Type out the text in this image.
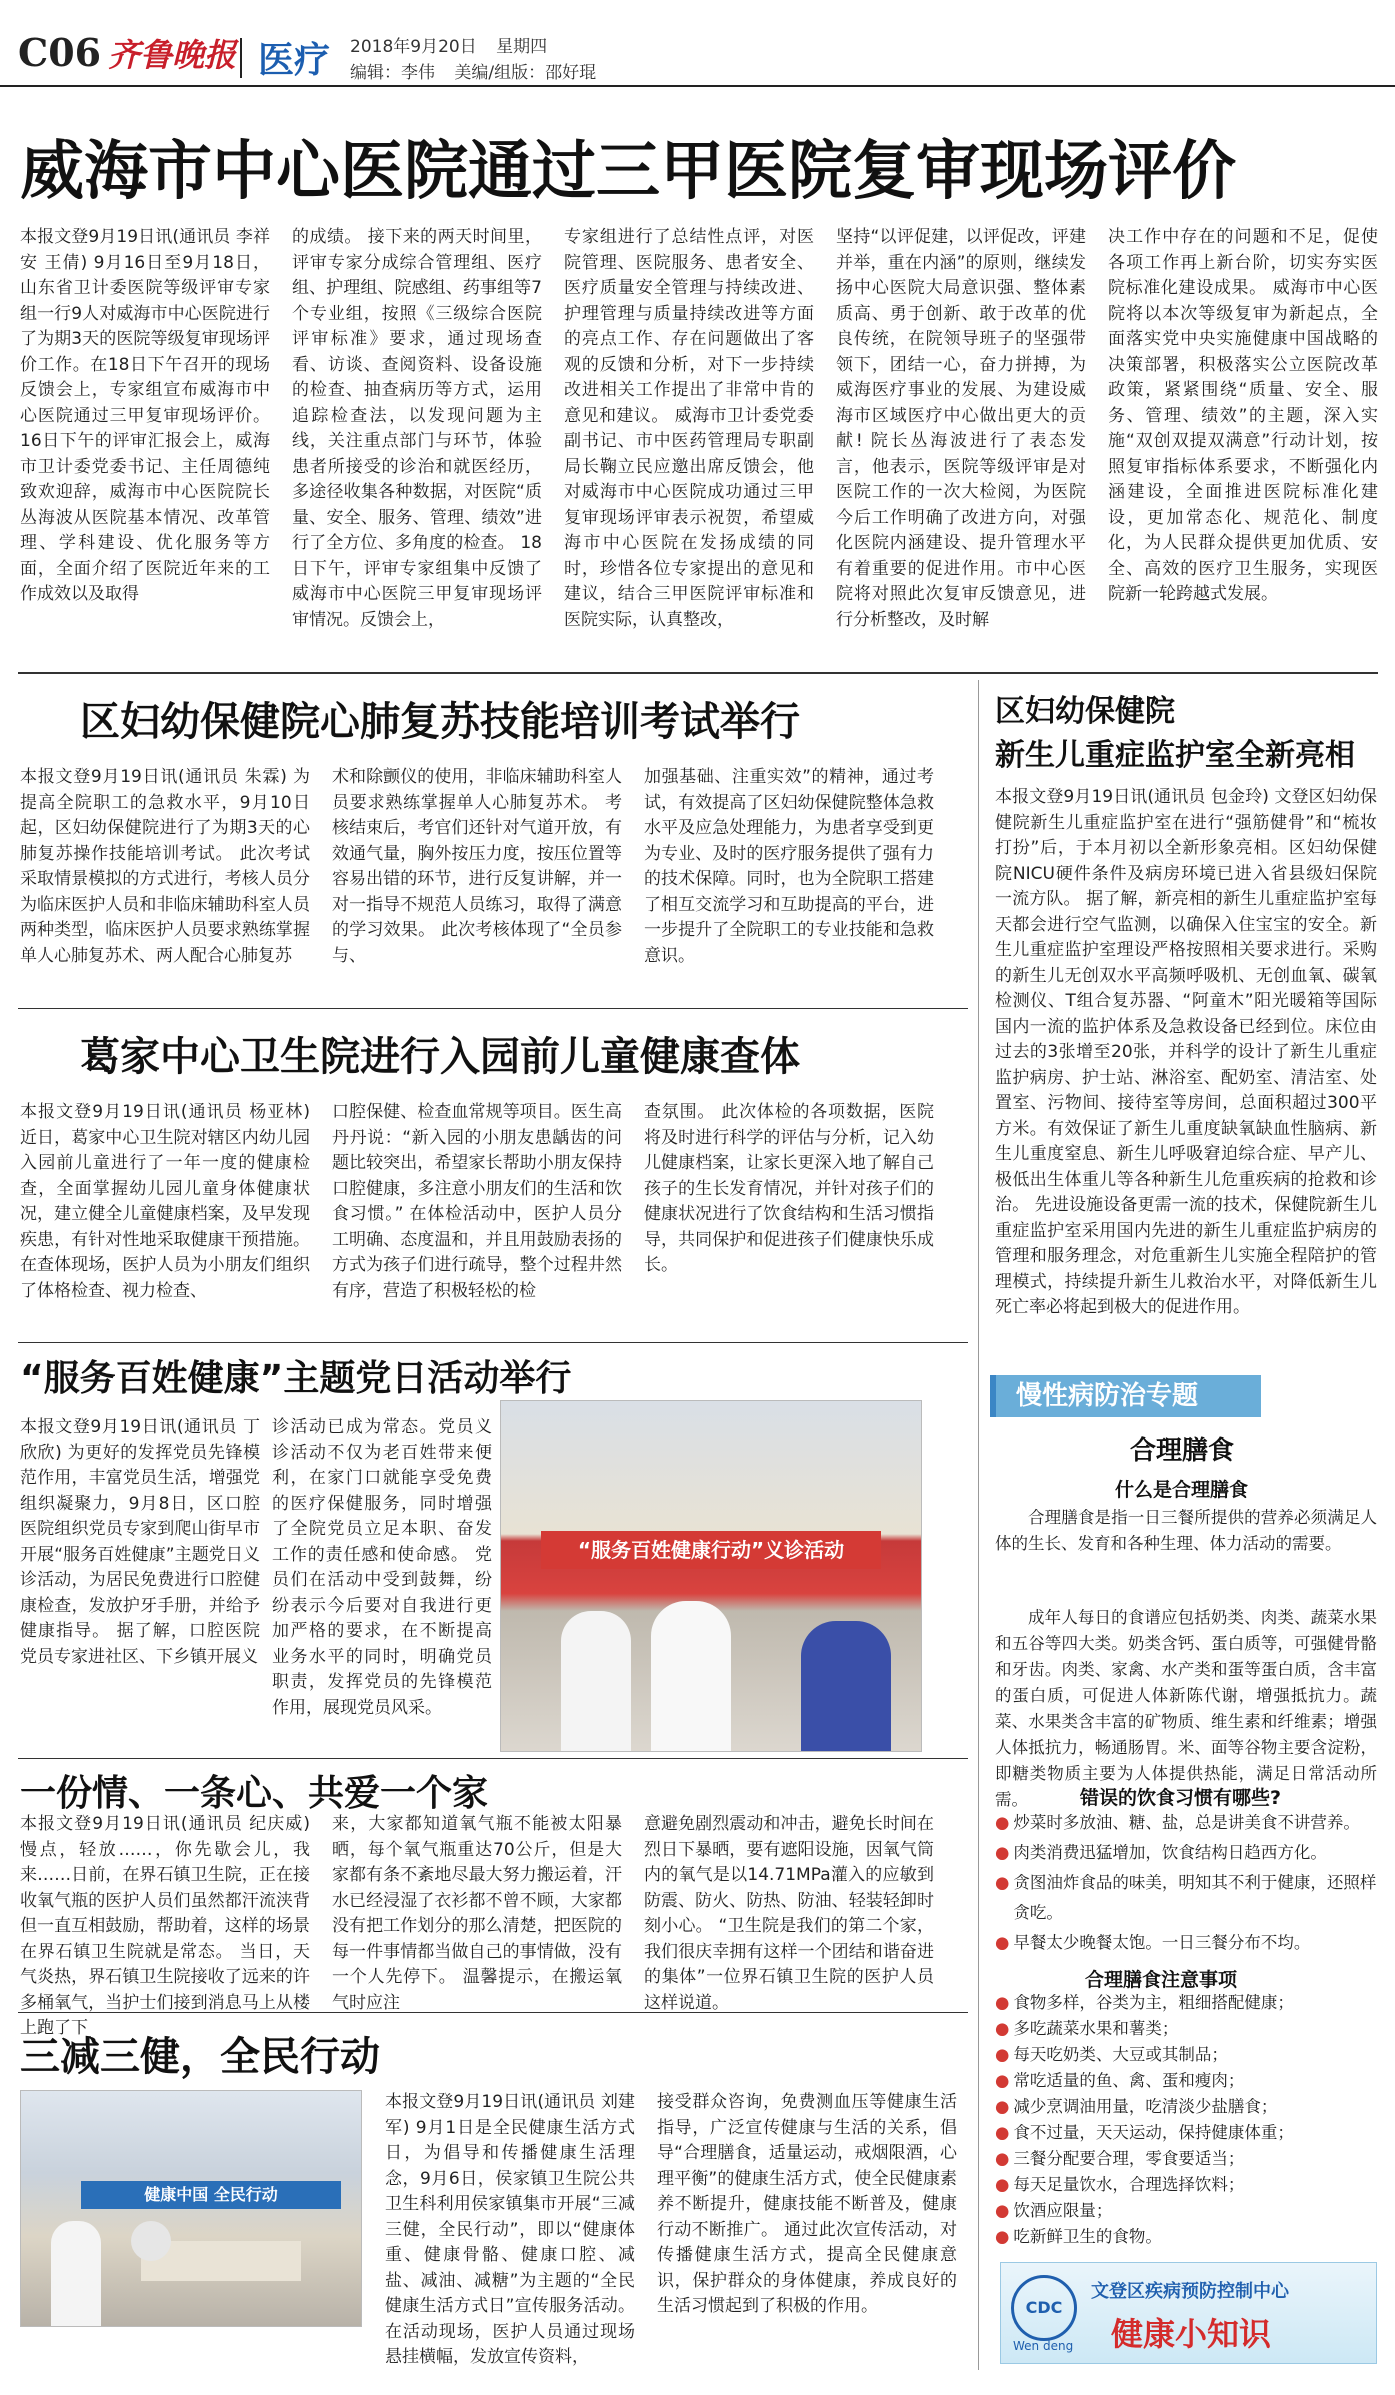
C06 齐鲁晚报 医疗 2018年9月20日 星期四
编辑：李伟 美编/组版：邵好琨
威海市中心医院通过三甲医院复审现场评价
本报文登9月19日讯(通讯员 李祥安 王倩) 9月16日至9月18日，山东省卫计委医院等级评审专家组一行9人对威海市中心医院进行了为期3天的医院等级复审现场评价工作。在18日下午召开的现场反馈会上，专家组宣布威海市中心医院通过三甲复审现场评价。 16日下午的评审汇报会上，威海市卫计委党委书记、主任周德纯致欢迎辞，威海市中心医院院长丛海波从医院基本情况、改革管理、学科建设、优化服务等方面，全面介绍了医院近年来的工作成效以及取得
的成绩。 接下来的两天时间里，评审专家分成综合管理组、医疗组、护理组、院感组、药事组等7个专业组，按照《三级综合医院评审标准》要求，通过现场查看、访谈、查阅资料、设备设施的检查、抽查病历等方式，运用追踪检查法，以发现问题为主线，关注重点部门与环节，体验患者所接受的诊治和就医经历，多途径收集各种数据，对医院“质量、安全、服务、管理、绩效”进行了全方位、多角度的检查。 18日下午，评审专家组集中反馈了威海市中心医院三甲复审现场评审情况。反馈会上，
专家组进行了总结性点评，对医院管理、医院服务、患者安全、医疗质量安全管理与持续改进、护理管理与质量持续改进等方面的亮点工作、存在问题做出了客观的反馈和分析，对下一步持续改进相关工作提出了非常中肯的意见和建议。 威海市卫计委党委副书记、市中医药管理局专职副局长鞠立民应邀出席反馈会，他对威海市中心医院成功通过三甲复审现场评审表示祝贺，希望威海市中心医院在发扬成绩的同时，珍惜各位专家提出的意见和建议，结合三甲医院评审标准和医院实际，认真整改，
坚持“以评促建，以评促改，评建并举，重在内涵”的原则，继续发扬中心医院大局意识强、整体素质高、勇于创新、敢于改革的优良传统，在院领导班子的坚强带领下，团结一心，奋力拼搏，为威海医疗事业的发展、为建设威海市区域医疗中心做出更大的贡献! 院长丛海波进行了表态发言，他表示，医院等级评审是对医院工作的一次大检阅，为医院今后工作明确了改进方向，对强化医院内涵建设、提升管理水平有着重要的促进作用。市中心医院将对照此次复审反馈意见，进行分析整改，及时解
决工作中存在的问题和不足，促使各项工作再上新台阶，切实夯实医院标准化建设成果。 威海市中心医院将以本次等级复审为新起点，全面落实党中央实施健康中国战略的决策部署，积极落实公立医院改革政策，紧紧围绕“质量、安全、服务、管理、绩效”的主题，深入实施“双创双提双满意”行动计划，按照复审指标体系要求，不断强化内涵建设，全面推进医院标准化建设，更加常态化、规范化、制度化，为人民群众提供更加优质、安全、高效的医疗卫生服务，实现医院新一轮跨越式发展。
区妇幼保健院心肺复苏技能培训考试举行
本报文登9月19日讯(通讯员 朱霖) 为提高全院职工的急救水平，9月10日起，区妇幼保健院进行了为期3天的心肺复苏操作技能培训考试。 此次考试采取情景模拟的方式进行，考核人员分为临床医护人员和非临床辅助科室人员两种类型，临床医护人员要求熟练掌握单人心肺复苏术、两人配合心肺复苏
术和除颤仪的使用，非临床辅助科室人员要求熟练掌握单人心肺复苏术。 考核结束后，考官们还针对气道开放，有效通气量，胸外按压力度，按压位置等容易出错的环节，进行反复讲解，并一对一指导不规范人员练习，取得了满意的学习效果。 此次考核体现了“全员参与、
加强基础、注重实效”的精神，通过考试，有效提高了区妇幼保健院整体急救水平及应急处理能力，为患者享受到更为专业、及时的医疗服务提供了强有力的技术保障。同时，也为全院职工搭建了相互交流学习和互助提高的平台，进一步提升了全院职工的专业技能和急救意识。
葛家中心卫生院进行入园前儿童健康查体
本报文登9月19日讯(通讯员 杨亚林) 近日，葛家中心卫生院对辖区内幼儿园入园前儿童进行了一年一度的健康检查，全面掌握幼儿园儿童身体健康状况，建立健全儿童健康档案，及早发现疾患，有针对性地采取健康干预措施。 在查体现场，医护人员为小朋友们组织了体格检查、视力检查、
口腔保健、检查血常规等项目。医生高丹丹说：“新入园的小朋友患龋齿的问题比较突出，希望家长帮助小朋友保持口腔健康，多注意小朋友们的生活和饮食习惯。” 在体检活动中，医护人员分工明确、态度温和，并且用鼓励表扬的方式为孩子们进行疏导，整个过程井然有序，营造了积极轻松的检
查氛围。 此次体检的各项数据，医院将及时进行科学的评估与分析，记入幼儿健康档案，让家长更深入地了解自己孩子的生长发育情况，并针对孩子们的健康状况进行了饮食结构和生活习惯指导，共同保护和促进孩子们健康快乐成长。
区妇幼保健院
新生儿重症监护室全新亮相
本报文登9月19日讯(通讯员 包金玲) 文登区妇幼保健院新生儿重症监护室在进行“强筋健骨”和“梳妆打扮”后，于本月初以全新形象亮相。区妇幼保健院NICU硬件条件及病房环境已进入省县级妇保院一流方队。 据了解，新亮相的新生儿重症监护室每天都会进行空气监测，以确保入住宝宝的安全。新生儿重症监护室理设严格按照相关要求进行。采购的新生儿无创双水平高频呼吸机、无创血氧、碳氧检测仪、T组合复苏器、“阿童木”阳光暖箱等国际国内一流的监护体系及急救设备已经到位。床位由过去的3张增至20张，并科学的设计了新生儿重症监护病房、护士站、淋浴室、配奶室、清洁室、处置室、污物间、接待室等房间，总面积超过300平方米。有效保证了新生儿重度缺氧缺血性脑病、新生儿重度窒息、新生儿呼吸窘迫综合症、早产儿、极低出生体重儿等各种新生儿危重疾病的抢救和诊治。 先进设施设备更需一流的技术，保健院新生儿重症监护室采用国内先进的新生儿重症监护病房的管理和服务理念，对危重新生儿实施全程陪护的管理模式，持续提升新生儿救治水平，对降低新生儿死亡率必将起到极大的促进作用。
“服务百姓健康”主题党日活动举行
本报文登9月19日讯(通讯员 丁欣欣) 为更好的发挥党员先锋模范作用，丰富党员生活，增强党组织凝聚力，9月8日，区口腔医院组织党员专家到爬山街早市开展“服务百姓健康”主题党日义诊活动，为居民免费进行口腔健康检查，发放护牙手册，并给予健康指导。 据了解，口腔医院党员专家进社区、下乡镇开展义
诊活动已成为常态。党员义诊活动不仅为老百姓带来便利，在家门口就能享受免费的医疗保健服务，同时增强了全院党员立足本职、奋发工作的责任感和使命感。 党员们在活动中受到鼓舞，纷纷表示今后要对自我进行更加严格的要求，在不断提高业务水平的同时，明确党员职责，发挥党员的先锋模范作用，展现党员风采。
“服务百姓健康行动”义诊活动
一份情、一条心、共爱一个家
本报文登9月19日讯(通讯员 纪庆威) 慢点，轻放……，你先歇会儿，我来……日前，在界石镇卫生院，正在接收氧气瓶的医护人员们虽然都汗流浃背但一直互相鼓励，帮助着，这样的场景在界石镇卫生院就是常态。 当日，天气炎热，界石镇卫生院接收了远来的许多桶氧气，当护士们接到消息马上从楼上跑了下
来，大家都知道氧气瓶不能被太阳暴晒，每个氧气瓶重达70公斤，但是大家都有条不紊地尽最大努力搬运着，汗水已经浸湿了衣衫都不曾不顾，大家都没有把工作划分的那么清楚，把医院的每一件事情都当做自己的事情做，没有一个人先停下。 温馨提示，在搬运氧气时应注
意避免剧烈震动和冲击，避免长时间在烈日下暴晒，要有遮阳设施，因氧气筒内的氧气是以14.71MPa灌入的应敏到防震、防火、防热、防油、轻装轻卸时刻小心。 “卫生院是我们的第二个家，我们很庆幸拥有这样一个团结和谐奋进的集体”一位界石镇卫生院的医护人员这样说道。
三减三健，全民行动
健康中国 全民行动
本报文登9月19日讯(通讯员 刘建军) 9月1日是全民健康生活方式日，为倡导和传播健康生活理念，9月6日，侯家镇卫生院公共卫生科利用侯家镇集市开展“三减三健，全民行动”，即以“健康体重、健康骨骼、健康口腔、减盐、减油、减糖”为主题的“全民健康生活方式日”宣传服务活动。 在活动现场，医护人员通过现场悬挂横幅，发放宣传资料，
接受群众咨询，免费测血压等健康生活指导，广泛宣传健康与生活的关系，倡导“合理膳食，适量运动，戒烟限酒，心理平衡”的健康生活方式，使全民健康素养不断提升，健康技能不断普及，健康行动不断推广。 通过此次宣传活动，对传播健康生活方式，提高全民健康意识，保护群众的身体健康，养成良好的生活习惯起到了积极的作用。
慢性病防治专题
合理膳食
什么是合理膳食

合理膳食是指一日三餐所提供的营养必须满足人体的生长、发育和各种生理、体力活动的需要。

成年人每日的食谱应包括奶类、肉类、蔬菜水果和五谷等四大类。奶类含钙、蛋白质等，可强健骨骼和牙齿。肉类、家禽、水产类和蛋等蛋白质，含丰富的蛋白质，可促进人体新陈代谢，增强抵抗力。蔬菜、水果类含丰富的矿物质、维生素和纤维素；增强人体抵抗力，畅通肠胃。米、面等谷物主要含淀粉，即糖类物质主要为人体提供热能，满足日常活动所需。	错误的饮食习惯有哪些?
● 炒菜时多放油、糖、盐，总是讲美食不讲营养。
● 肉类消费迅猛增加，饮食结构日趋西方化。
● 贪图油炸食品的味美，明知其不利于健康，还照样贪吃。
● 早餐太少晚餐太饱。一日三餐分布不均。
合理膳食注意事项
● 食物多样，谷类为主，粗细搭配健康；
● 多吃蔬菜水果和薯类；
● 每天吃奶类、大豆或其制品；
● 常吃适量的鱼、禽、蛋和瘦肉；
● 减少烹调油用量，吃清淡少盐膳食；
● 食不过量，天天运动，保持健康体重；
● 三餐分配要合理，零食要适当；
● 每天足量饮水，合理选择饮料；
● 饮酒应限量；
● 吃新鲜卫生的食物。
CDC
Wen deng
文登区疾病预防控制中心
健康小知识
